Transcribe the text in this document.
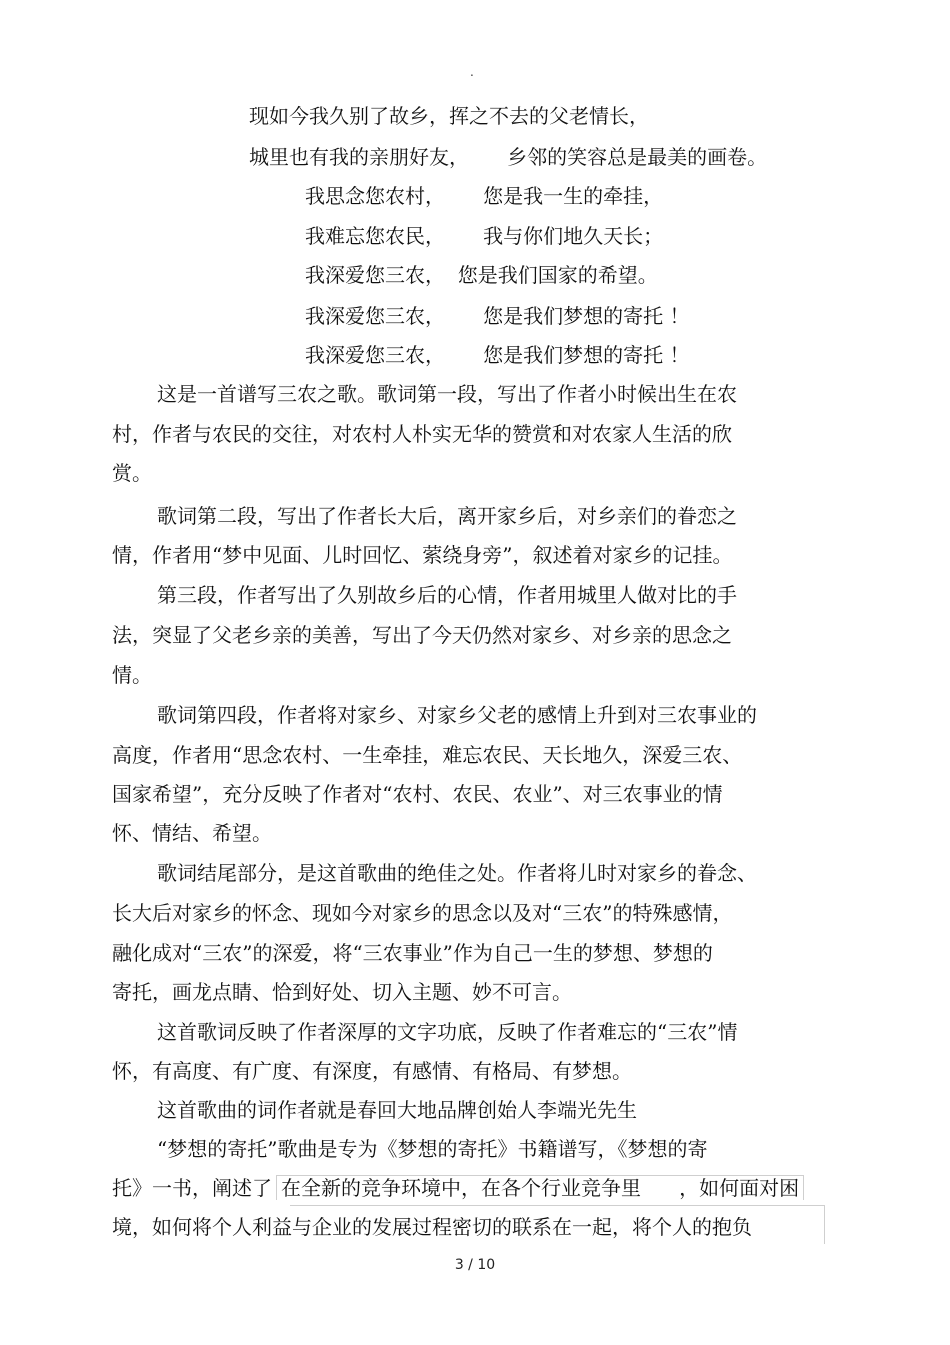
.
现如今我久别了故乡，挥之不去的父老情长，
城里也有我的亲朋好友，      乡邻的笑容总是最美的画卷。
我思念您农村，      您是我一生的牵挂，
我难忘您农民，      我与你们地久天长；
我深爱您三农，  您是我们国家的希望。
我深爱您三农，      您是我们梦想的寄托 ！
我深爱您三农，      您是我们梦想的寄托 ！
这是一首谱写三农之歌。歌词第一段，写出了作者小时候出生在农
村，作者与农民的交往，对农村人朴实无华的赞赏和对农家人生活的欣
赏。
歌词第二段，写出了作者长大后，离开家乡后，对乡亲们的眷恋之
情，作者用“梦中见面、儿时回忆、萦绕身旁”，叙述着对家乡的记挂。
第三段，作者写出了久别故乡后的心情，作者用城里人做对比的手
法，突显了父老乡亲的美善，写出了今天仍然对家乡、对乡亲的思念之
情。
歌词第四段，作者将对家乡、对家乡父老的感情上升到对三农事业的
高度，作者用“思念农村、一生牵挂，难忘农民、天长地久，深爱三农、
国家希望”，充分反映了作者对“农村、农民、农业”、对三农事业的情
怀、情结、希望。
歌词结尾部分，是这首歌曲的绝佳之处。作者将儿时对家乡的眷念、
长大后对家乡的怀念、现如今对家乡的思念以及对“三农”的特殊感情，
融化成对“三农”的深爱，将“三农事业”作为自己一生的梦想、梦想的
寄托，画龙点睛、恰到好处、切入主题、妙不可言。
这首歌词反映了作者深厚的文字功底，反映了作者难忘的“三农”情
怀，有高度、有广度、有深度，有感情、有格局、有梦想。
这首歌曲的词作者就是春回大地品牌创始人李端光先生
“梦想的寄托”歌曲是专为《梦想的寄托》书籍谱写，《梦想的寄
托》一书，阐述了 在全新的竞争环境中，在各个行业竞争里      ，如何面对困
境，如何将个人利益与企业的发展过程密切的联系在一起，将个人的抱负
3 / 10
